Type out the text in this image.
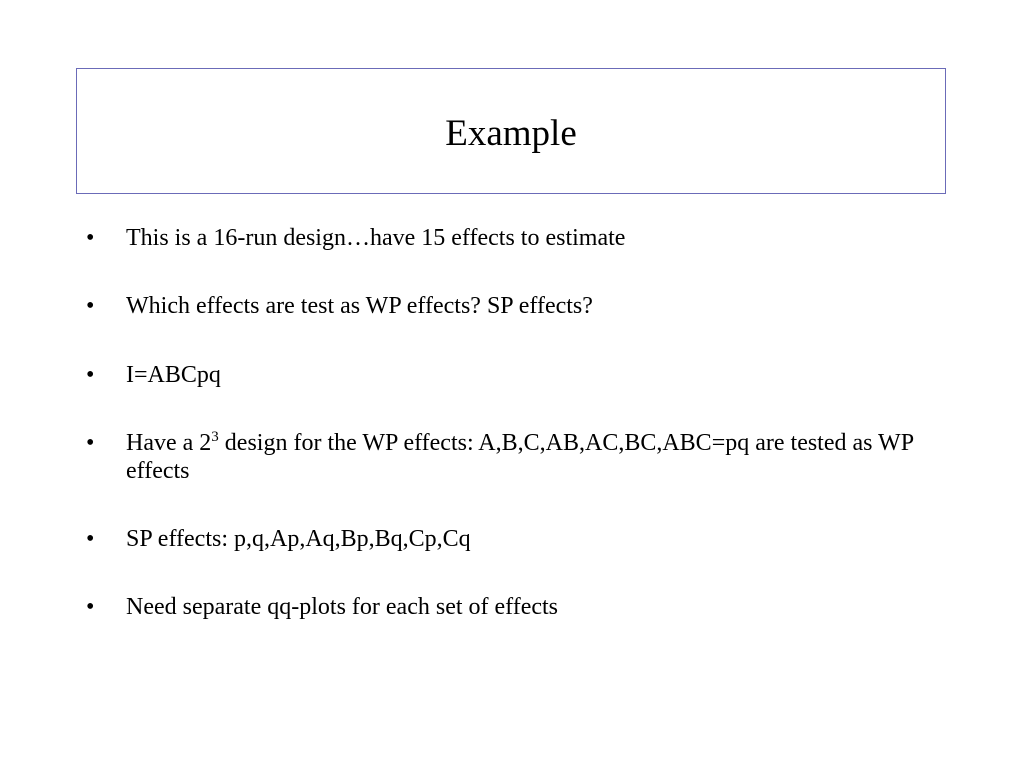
Example
•	This is a 16-run design…have 15 effects to estimate
•	Which effects are test as WP effects? SP effects?
•	I=ABCpq
•	Have a $2^3$ design for the WP effects: A,B,C,AB,AC,BC,ABC=pq are tested as WP effects
•	SP effects: p,q,Ap,Aq,Bp,Bq,Cp,Cq
•	Need separate qq-plots for each set of effects
